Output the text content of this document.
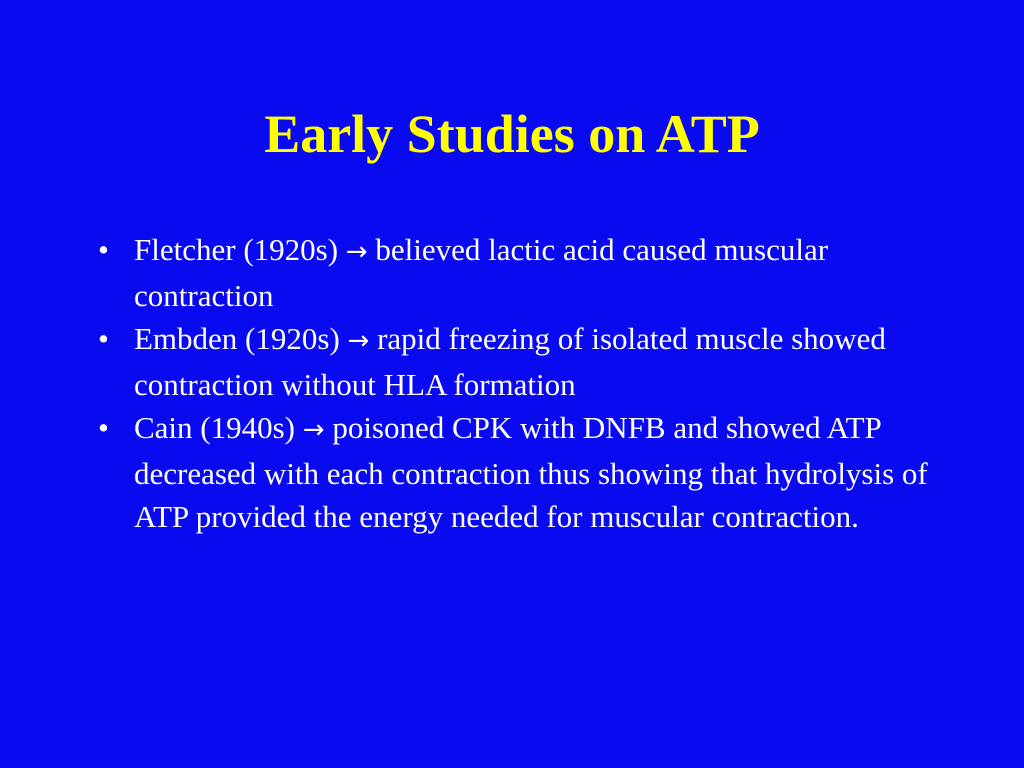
Early Studies on ATP
• Fletcher (1920s) → believed lactic acid caused muscular contraction
• Embden (1920s) → rapid freezing of isolated muscle showed contraction without HLA formation
• Cain (1940s) → poisoned CPK with DNFB and showed ATP decreased with each contraction thus showing that hydrolysis of ATP provided the energy needed for muscular contraction.
